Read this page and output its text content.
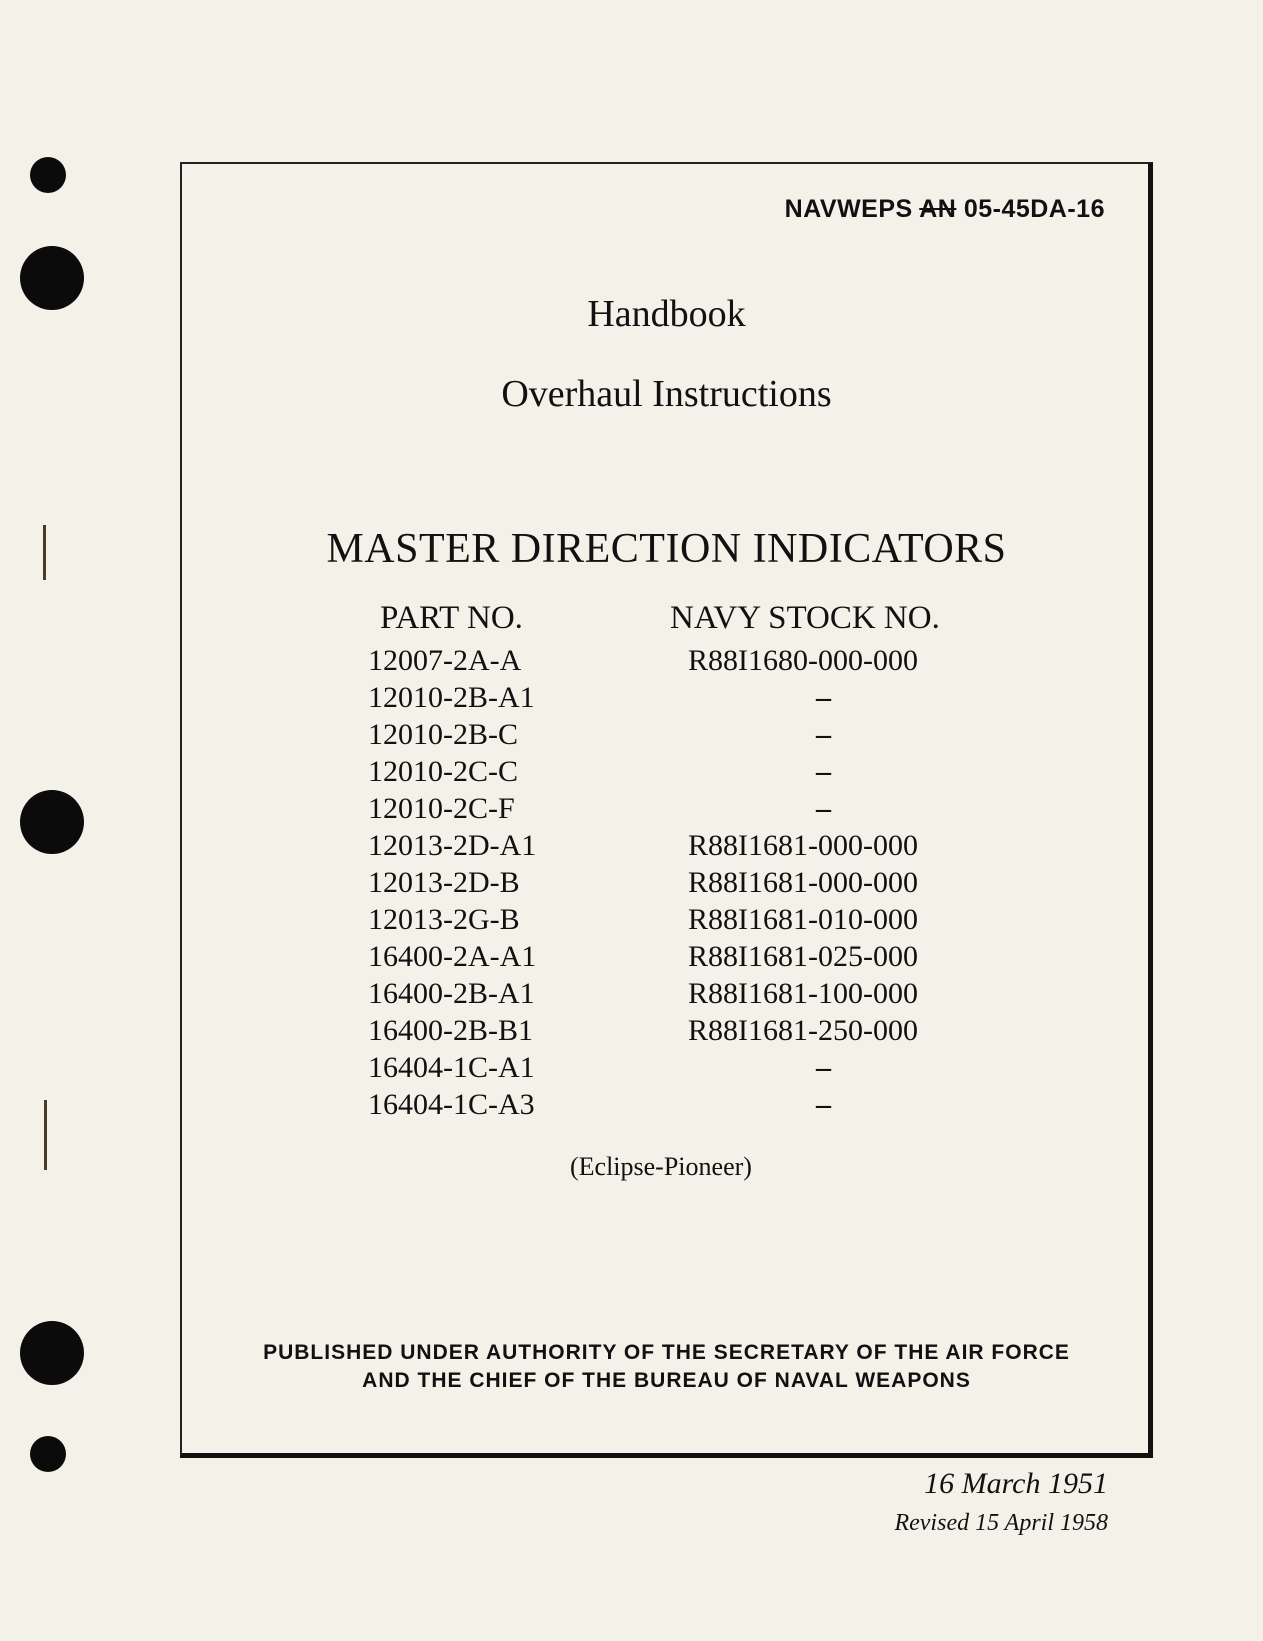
NAVWEPS AN 05-45DA-16
Handbook
Overhaul Instructions
MASTER DIRECTION INDICATORS
PART NO.	NAVY STOCK NO.
12007-2A-A	R88I1680-000-000
12010-2B-A1	–
12010-2B-C	–
12010-2C-C	–
12010-2C-F	–
12013-2D-A1	R88I1681-000-000
12013-2D-B	R88I1681-000-000
12013-2G-B	R88I1681-010-000
16400-2A-A1	R88I1681-025-000
16400-2B-A1	R88I1681-100-000
16400-2B-B1	R88I1681-250-000
16404-1C-A1	–
16404-1C-A3	–
(Eclipse-Pioneer)
PUBLISHED UNDER AUTHORITY OF THE SECRETARY OF THE AIR FORCE
AND THE CHIEF OF THE BUREAU OF NAVAL WEAPONS
16 March 1951
Revised 15 April 1958
